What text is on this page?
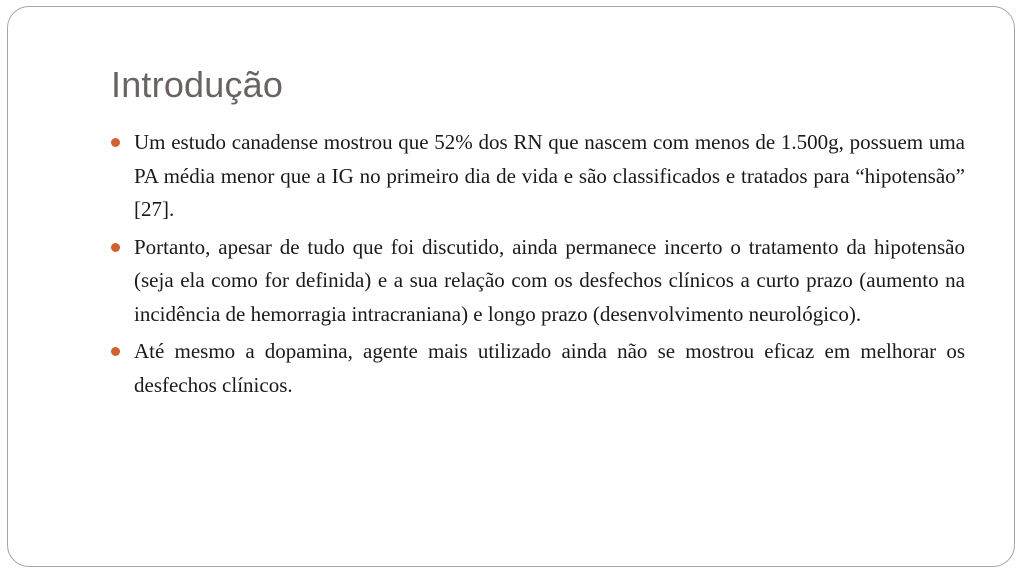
Introdução
Um estudo canadense mostrou que 52% dos RN que nascem com menos de 1.500g, possuem uma PA média menor que a IG no primeiro dia de vida e são classificados e tratados para “hipotensão” [27].
Portanto, apesar de tudo que foi discutido, ainda permanece incerto o tratamento da hipotensão (seja ela como for definida) e a sua relação com os desfechos clínicos a curto prazo (aumento na incidência de hemorragia intracraniana) e longo prazo (desenvolvimento neurológico).
Até mesmo a dopamina, agente mais utilizado ainda não se mostrou eficaz em melhorar os desfechos clínicos.
